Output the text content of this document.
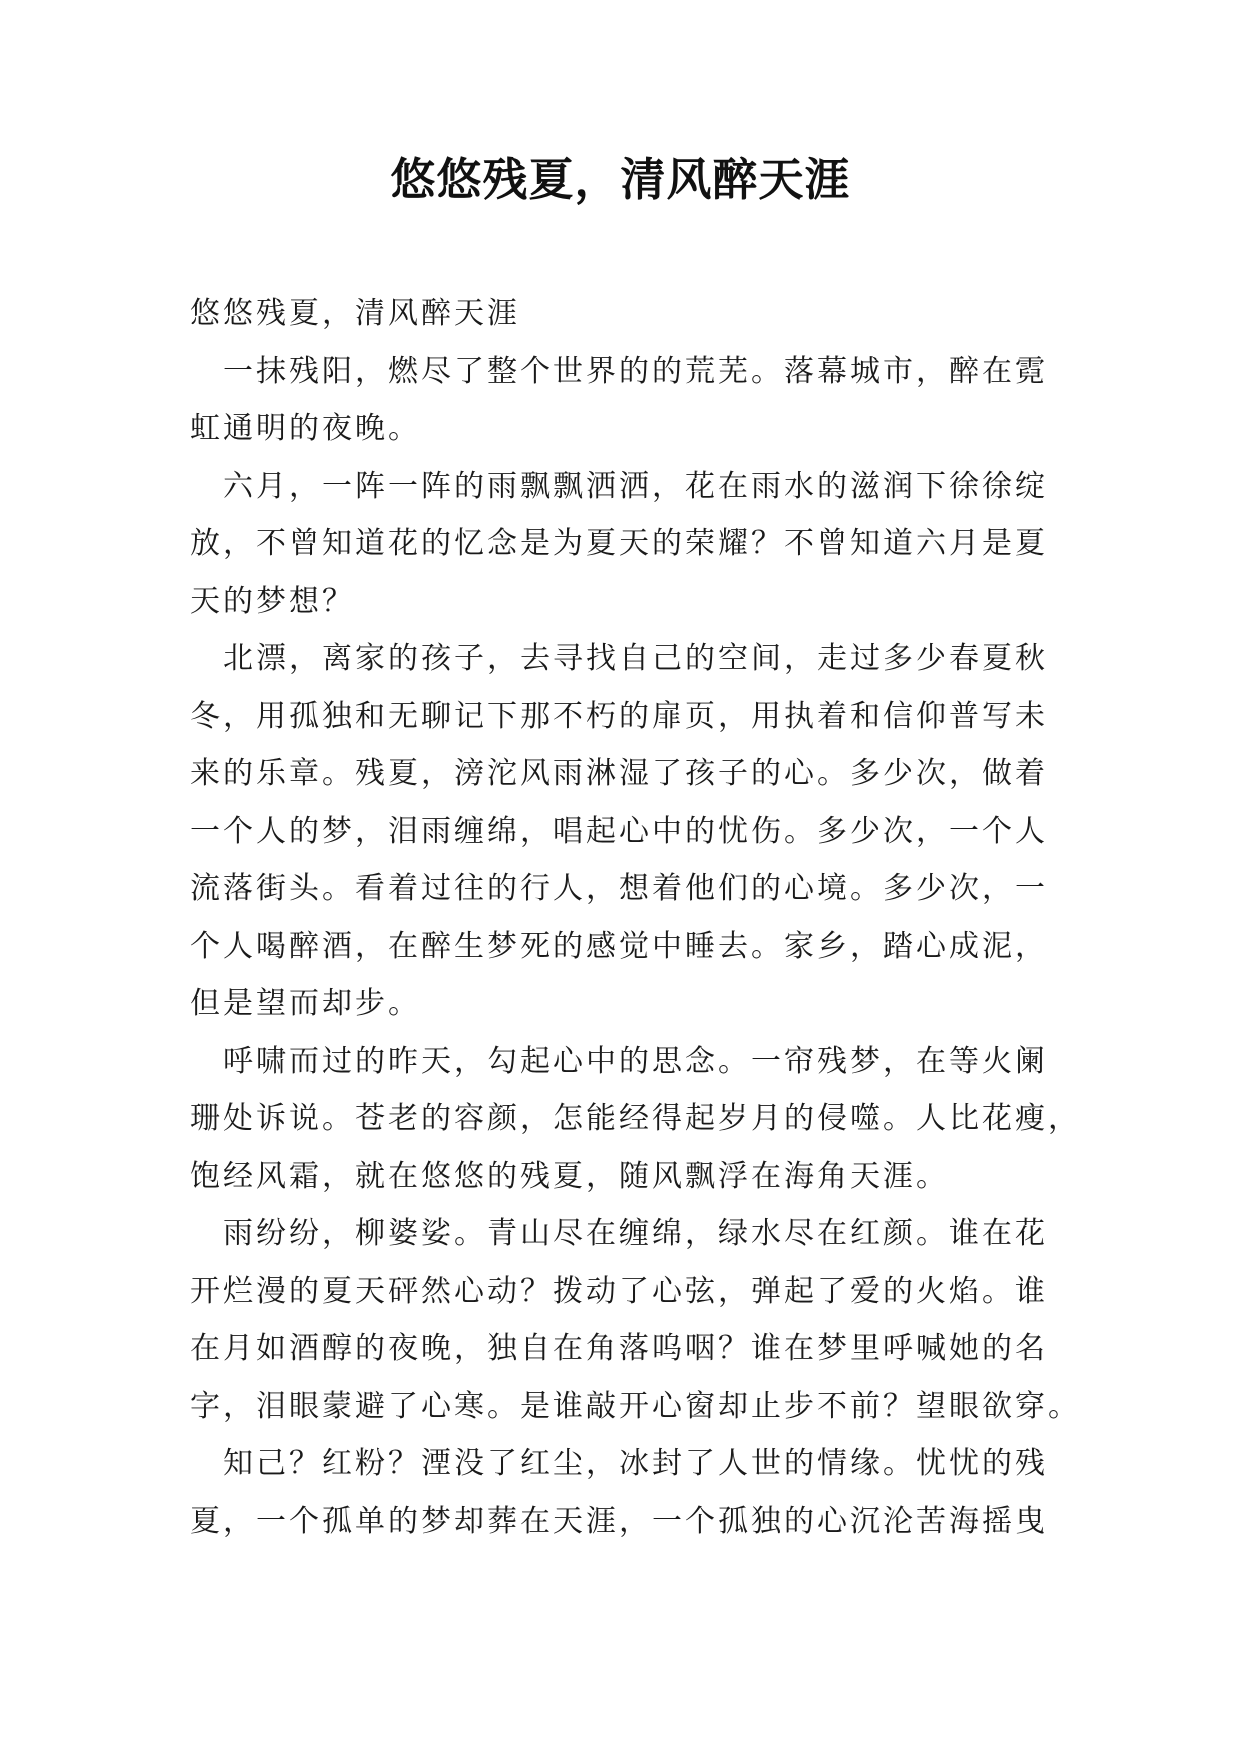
悠悠残夏，清风醉天涯
悠悠残夏，清风醉天涯
一抹残阳，燃尽了整个世界的的荒芜。落幕城市，醉在霓
虹通明的夜晚。
六月，一阵一阵的雨飘飘洒洒，花在雨水的滋润下徐徐绽
放，不曾知道花的忆念是为夏天的荣耀？不曾知道六月是夏
天的梦想？
北漂，离家的孩子，去寻找自己的空间，走过多少春夏秋
冬，用孤独和无聊记下那不朽的扉页，用执着和信仰普写未
来的乐章。残夏，滂沱风雨淋湿了孩子的心。多少次，做着
一个人的梦，泪雨缠绵，唱起心中的忧伤。多少次，一个人
流落街头。看着过往的行人，想着他们的心境。多少次，一
个人喝醉酒，在醉生梦死的感觉中睡去。家乡，踏心成泥，
但是望而却步。
呼啸而过的昨天，勾起心中的思念。一帘残梦，在等火阑
珊处诉说。苍老的容颜，怎能经得起岁月的侵噬。人比花瘦，
饱经风霜，就在悠悠的残夏，随风飘浮在海角天涯。
雨纷纷，柳婆娑。青山尽在缠绵，绿水尽在红颜。谁在花
开烂漫的夏天砰然心动？拨动了心弦，弹起了爱的火焰。谁
在月如酒醇的夜晚，独自在角落呜咽？谁在梦里呼喊她的名
字，泪眼蒙避了心寒。是谁敲开心窗却止步不前？望眼欲穿。
知己？红粉？湮没了红尘，冰封了人世的情缘。忧忧的残
夏，一个孤单的梦却葬在天涯，一个孤独的心沉沦苦海摇曳
